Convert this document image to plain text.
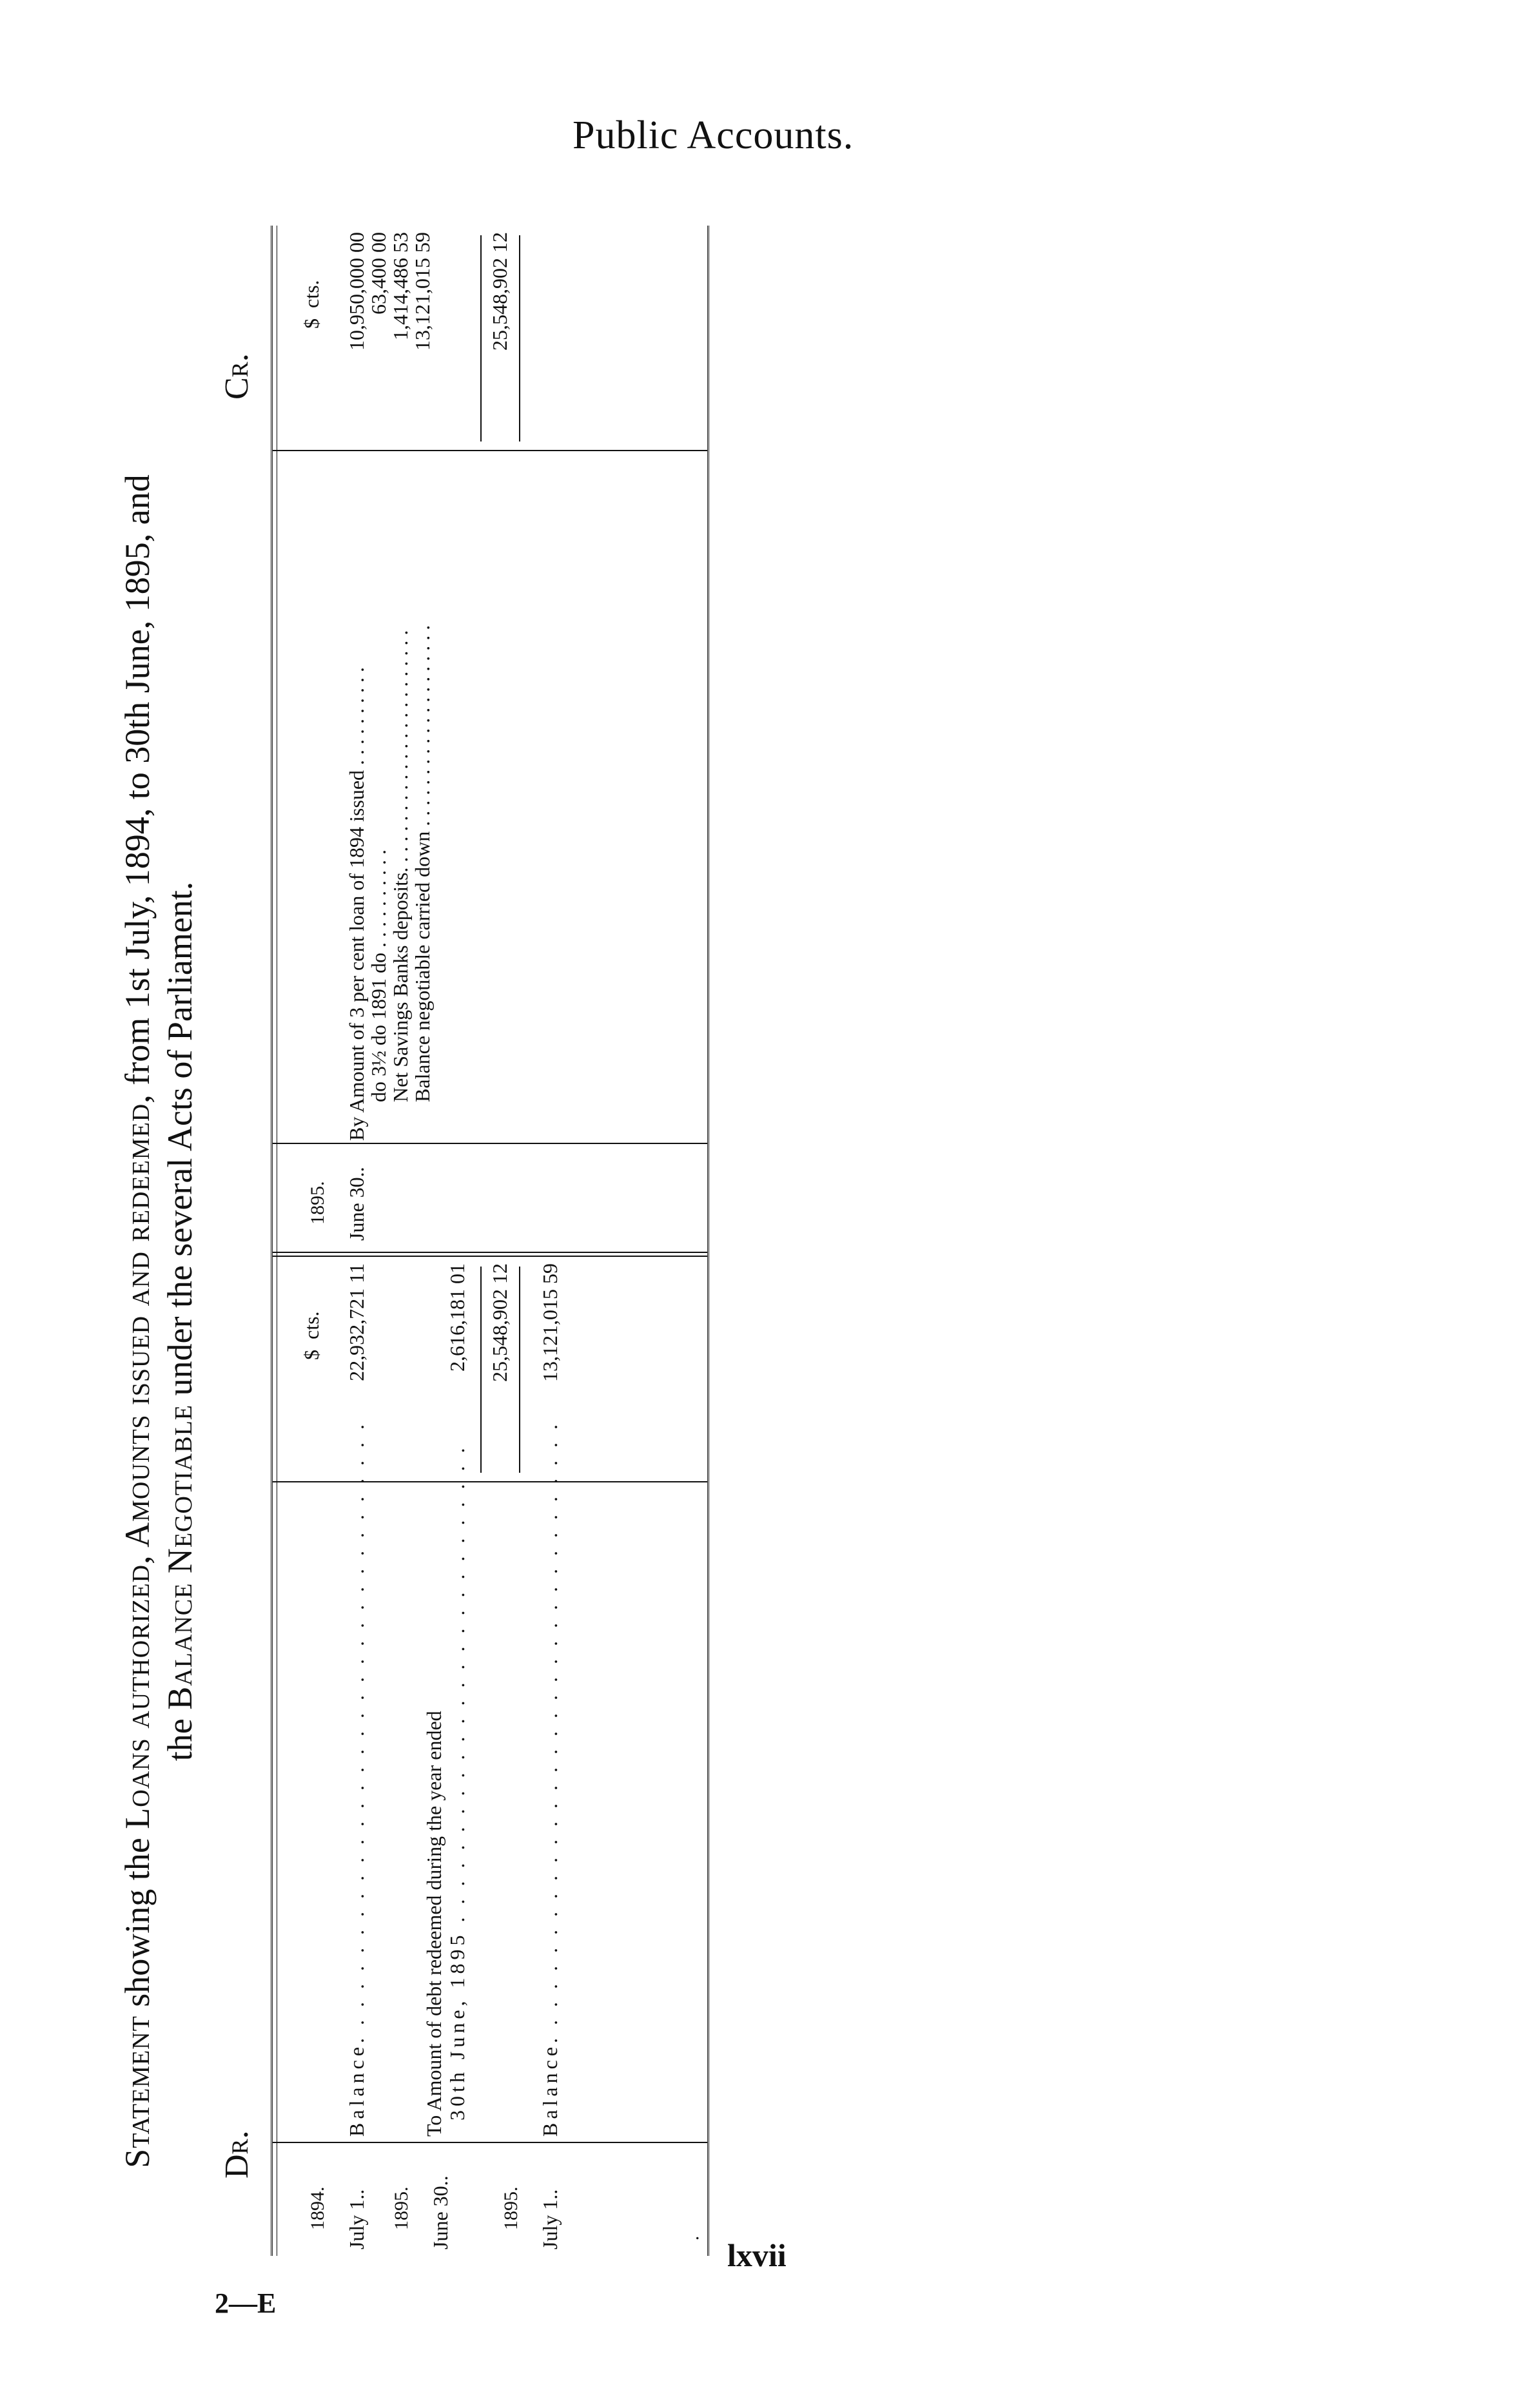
Public Accounts.
Statement showing the Loans authorized, Amounts issued and redeemed, from 1st July, 1894, to 30th June, 1895, and
the Balance Negotiable under the several Acts of Parliament.
Dr.
Cr.
$  cts.
$  cts.
1894. July 1..
Balance. . . . . . . . . . . . . . . . . . . . . . . . . . . . . . . . . . .
22,932,721 11
1895. June 30..
To Amount of debt redeemed during the year ended 30th June, 1895 . . . . . . . . . . . . . . . . . . . . . . . . . . .
2,616,181 01 25,548,902 12
1895. July 1..
Balance. . . . . . . . . . . . . . . . . . . . . . . . . . . . . . . . . . .
13,121,015 59
1895. June 30..
By Amount of 3 per cent loan of 1894 issued . . . . . . . . . .
do 3½ do 1891 do . . . . . . . . . .
Net Savings Banks deposits. . . . . . . . . . . . . . . . . . . . . . . .
Balance negotiable carried down . . . . . . . . . . . . . . . . . . . .
10,950,000 00
63,400 00
1,414,486 53
13,121,015 59	25,548,902 12
.
lxvii
2—E
